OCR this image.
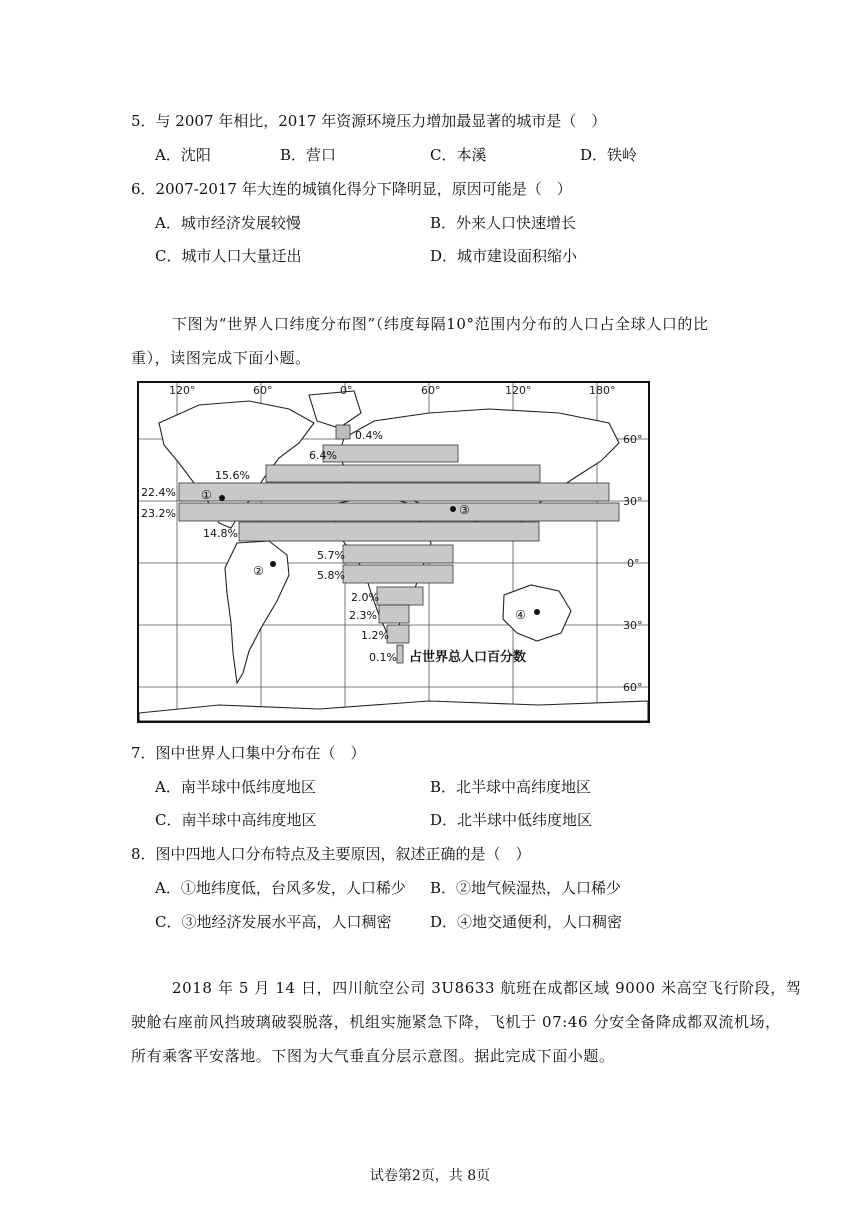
5．与 2007 年相比，2017 年资源环境压力增加最显著的城市是（　）
A．沈阳	B．营口	C．本溪	D．铁岭
6．2007-2017 年大连的城镇化得分下降明显，原因可能是（　）
A．城市经济发展较慢	B．外来人口快速增长
C．城市人口大量迁出	D．城市建设面积缩小
下图为“世界人口纬度分布图”（纬度每隔10°范围内分布的人口占全球人口的比
重），读图完成下面小题。
120°	60°	0°	60°	120°	180°
60°
30°
0°
30°
60°
0.4%
6.4%
15.6%
22.4%
23.2%
14.8%
5.7%
5.8%
2.0%
2.3%
1.2%
0.1% 占世界总人口百分数
①
②
③
④
7．图中世界人口集中分布在（　）
A．南半球中低纬度地区	B．北半球中高纬度地区
C．南半球中高纬度地区	D．北半球中低纬度地区
8．图中四地人口分布特点及主要原因，叙述正确的是（　）
A．①地纬度低，台风多发，人口稀少 B．②地气候湿热，人口稀少
C．③地经济发展水平高，人口稠密	D．④地交通便利，人口稠密
2018 年 5 月 14 日，四川航空公司 3U8633 航班在成都区域 9000 米高空飞行阶段，驾
驶舱右座前风挡玻璃破裂脱落，机组实施紧急下降，飞机于 07:46 分安全备降成都双流机场，
所有乘客平安落地。下图为大气垂直分层示意图。据此完成下面小题。
试卷第2页，共 8页
